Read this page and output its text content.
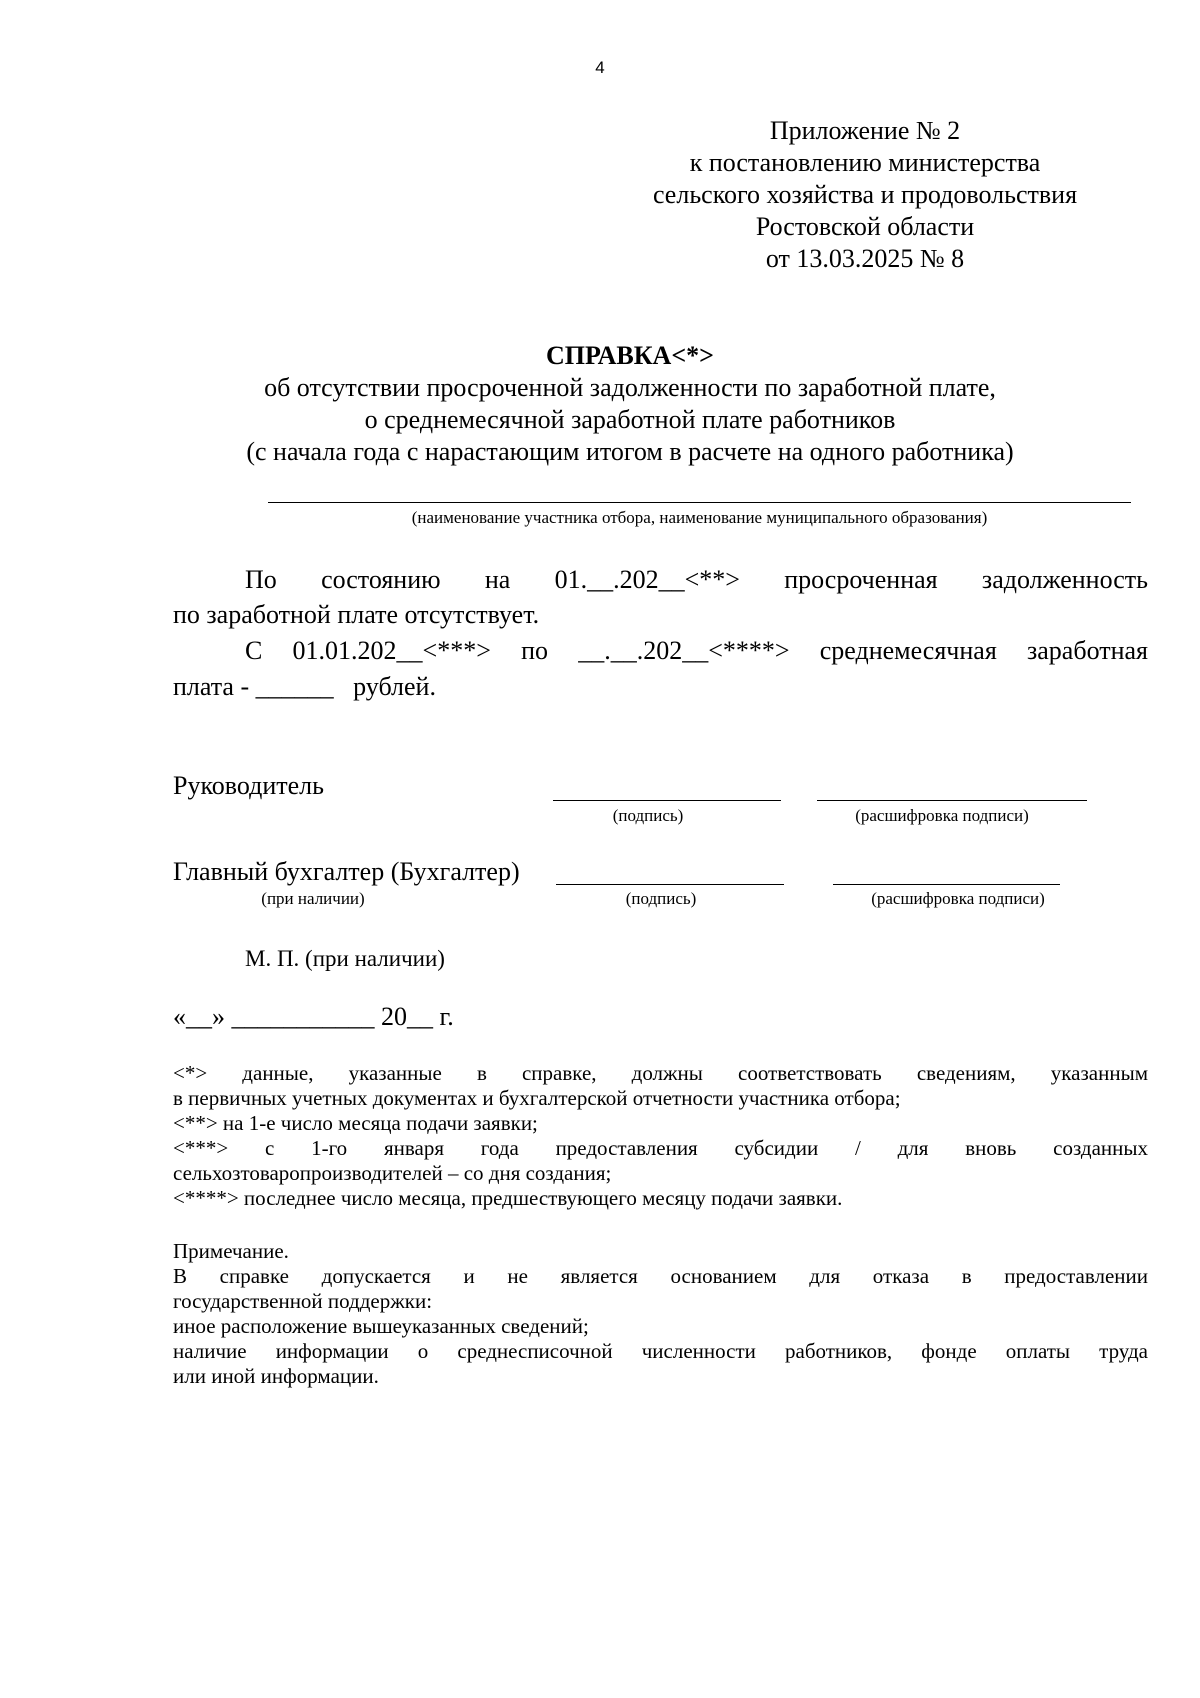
4
Приложение № 2
к постановлению министерства
сельского хозяйства и продовольствия
Ростовской области
от 13.03.2025 № 8
СПРАВКА<*>
об отсутствии просроченной задолженности по заработной плате,
о среднемесячной заработной плате работников
(с начала года с нарастающим итогом в расчете на одного работника)
(наименование участника отбора, наименование муниципального образования)
По состоянию на 01.__.202__<**> просроченная задолженность
по заработной плате отсутствует.
С 01.01.202__<***> по __.__.202__<****> среднемесячная заработная
плата - ______   рублей.
Руководитель
(подпись)	(расшифровка подписи)
Главный бухгалтер (Бухгалтер)
(при наличии)	(подпись)	(расшифровка подписи)
М. П. (при наличии)
«__» ___________ 20__ г.

<*> данные, указанные в справке, должны соответствовать сведениям, указанным

в первичных учетных документах и бухгалтерской отчетности участника отбора;

<**> на 1-е число месяца подачи заявки;

<***> с 1-го января года предоставления субсидии / для вновь созданных

сельхозтоваропроизводителей – со дня создания;

<****> последнее число месяца, предшествующего месяцу подачи заявки.

Примечание.

В справке допускается и не является основанием для отказа в предоставлении

государственной поддержки:

иное расположение вышеуказанных сведений;

наличие информации о среднесписочной численности работников, фонде оплаты труда

или иной информации.
